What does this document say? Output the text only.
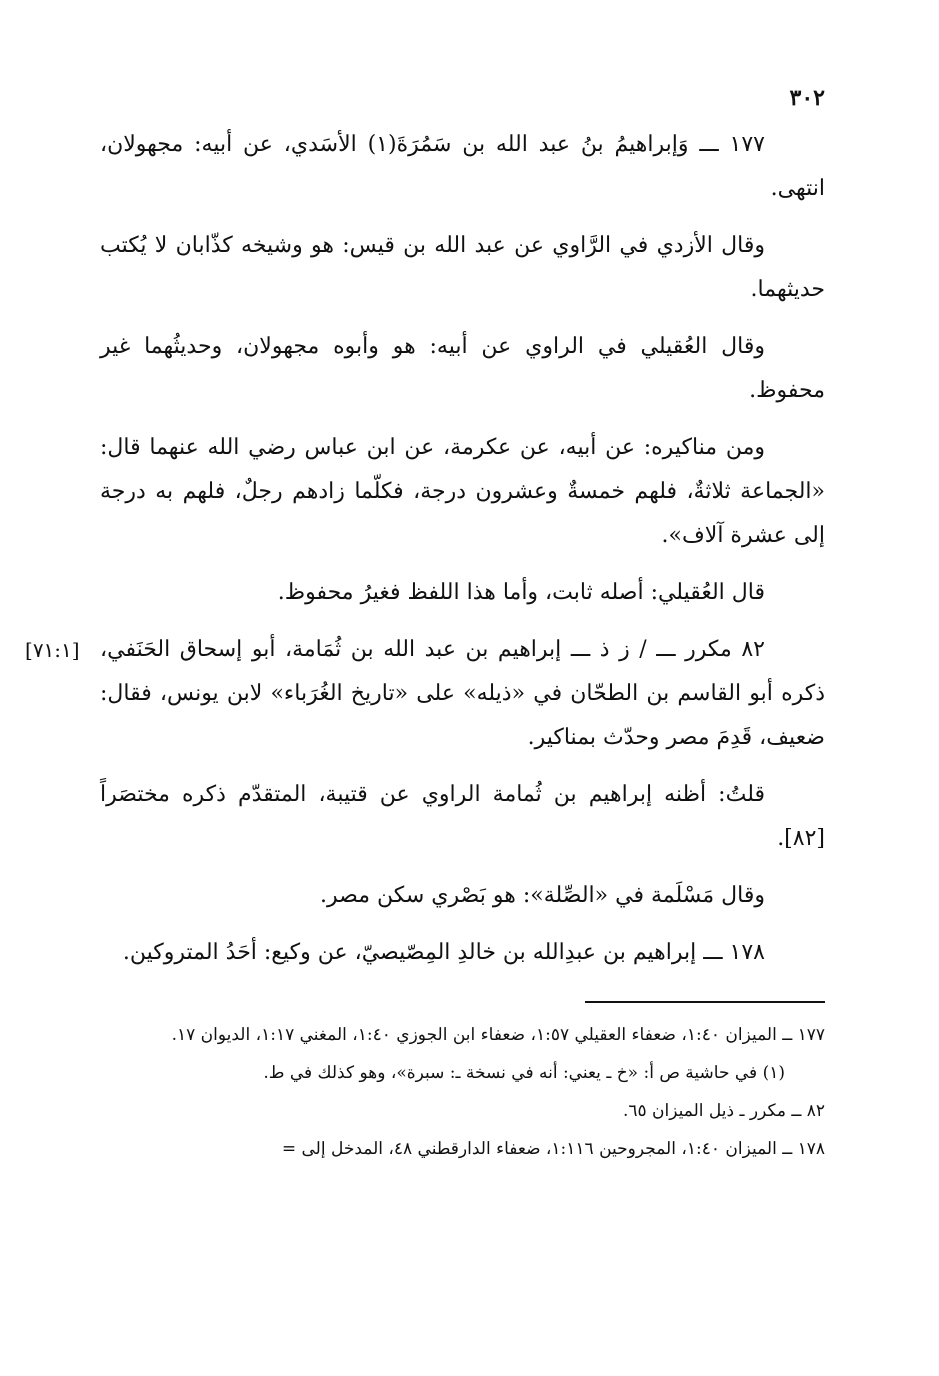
٣٠٢

١٧٧ ـــ وَإبراهيمُ بنُ عبد الله بن سَمُرَةَ(١) الأسَدي، عن أبيه: مجهولان، انتهى.

وقال الأزدي في الرَّاوي عن عبد الله بن قيس: هو وشيخه كذّابان لا يُكتب حديثهما.

وقال العُقيلي في الراوي عن أبيه: هو وأبوه مجهولان، وحديثُهما غير محفوظ.

ومن مناكيره: عن أبيه، عن عكرمة، عن ابن عباس رضي الله عنهما قال: «الجماعة ثلاثةٌ، فلهم خمسةٌ وعشرون درجة، فكلّما زادهم رجلٌ، فلهم به درجة إلى عشرة آلاف».

قال العُقيلي: أصله ثابت، وأما هذا اللفظ فغيرُ محفوظ.

[٧١:١] ٨٢ مكرر ـــ / ز ذ ـــ إبراهيم بن عبد الله بن ثُمَامة، أبو إسحاق الحَنَفي، ذكره أبو القاسم بن الطحّان في «ذيله» على «تاريخ الغُرَباء» لابن يونس، فقال: ضعيف، قَدِمَ مصر وحدّث بمناكير.

قلتُ: أظنه إبراهيم بن ثُمامة الراوي عن قتيبة، المتقدّم ذكره مختصَراً [٨٢].

وقال مَسْلَمة في «الصِّلة»: هو بَصْري سكن مصر.

١٧٨ ـــ إبراهيم بن عبدِالله بن خالدِ المِصّيصيّ، عن وكيع: أحَدُ المتروكين.

١٧٧ ــ الميزان ١:٤٠، ضعفاء العقيلي ١:٥٧، ضعفاء ابن الجوزي ١:٤٠، المغني ١:١٧، الديوان ١٧.

(١) في حاشية ص أ: «خ ـ يعني: أنه في نسخة ـ: سبرة»، وهو كذلك في ط.

٨٢ ــ مكرر ـ ذيل الميزان ٦٥.

١٧٨ ــ الميزان ١:٤٠، المجروحين ١:١١٦، ضعفاء الدارقطني ٤٨، المدخل إلى =
